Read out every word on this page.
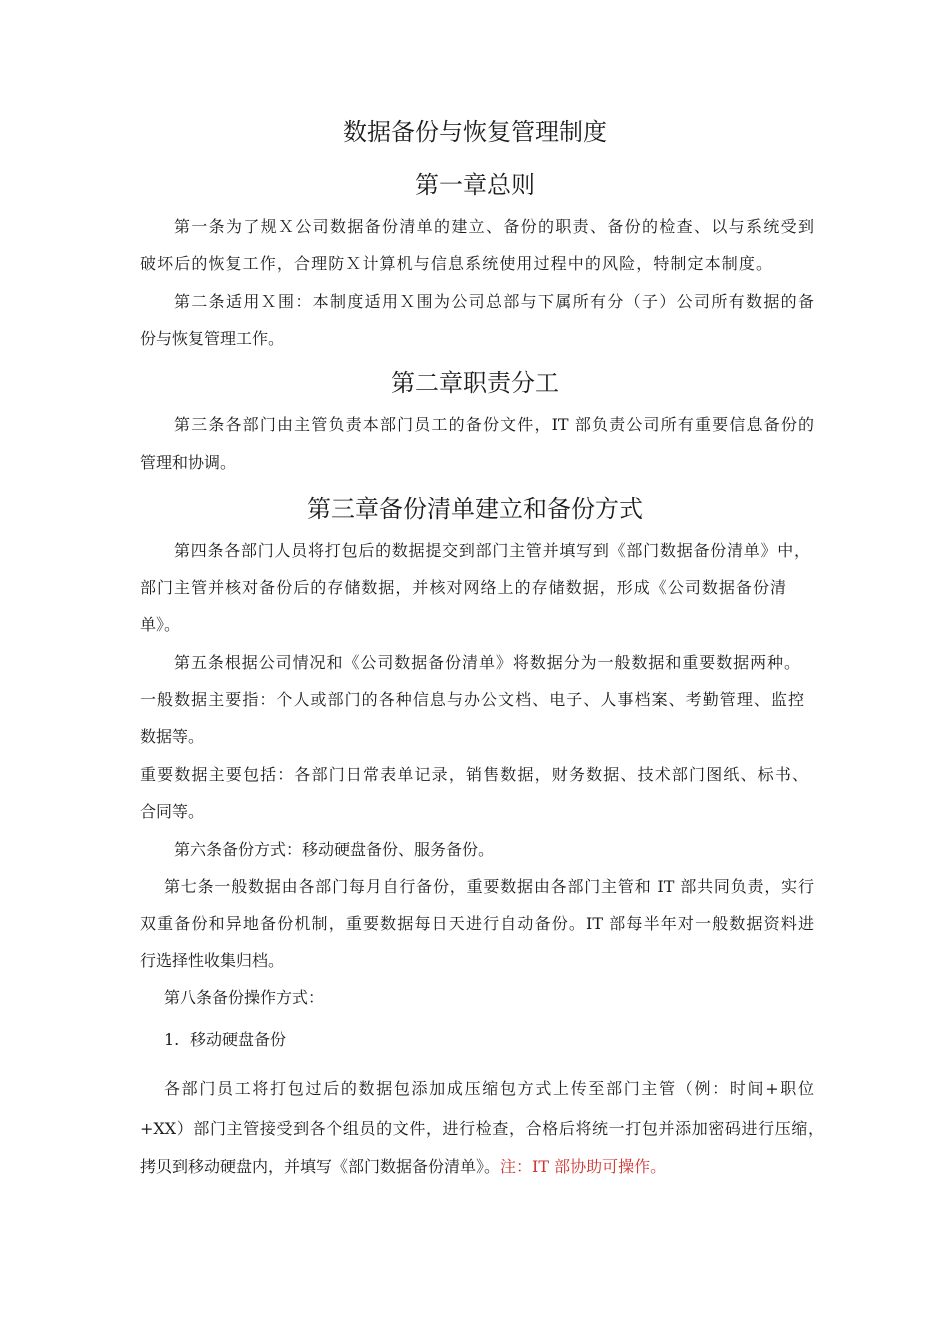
数据备份与恢复管理制度
第一章总则
第一条为了规Ｘ公司数据备份清单的建立、备份的职责、备份的检查、以与系统受到
破坏后的恢复工作，合理防Ｘ计算机与信息系统使用过程中的风险，特制定本制度。
第二条适用Ｘ围：本制度适用Ｘ围为公司总部与下属所有分（子）公司所有数据的备
份与恢复管理工作。
第二章职责分工
第三条各部门由主管负责本部门员工的备份文件，IT 部负责公司所有重要信息备份的
管理和协调。
第三章备份清单建立和备份方式
第四条各部门人员将打包后的数据提交到部门主管并填写到《部门数据备份清单》中，
部门主管并核对备份后的存储数据，并核对网络上的存储数据，形成《公司数据备份清
单》。
第五条根据公司情况和《公司数据备份清单》将数据分为一般数据和重要数据两种。
一般数据主要指：个人或部门的各种信息与办公文档、电子、人事档案、考勤管理、监控
数据等。
重要数据主要包括：各部门日常表单记录，销售数据，财务数据、技术部门图纸、标书、
合同等。
第六条备份方式：移动硬盘备份、服务备份。
第七条一般数据由各部门每月自行备份，重要数据由各部门主管和 IT 部共同负责，实行
双重备份和异地备份机制，重要数据每日天进行自动备份。IT 部每半年对一般数据资料进
行选择性收集归档。
第八条备份操作方式：
1. 移动硬盘备份
各部门员工将打包过后的数据包添加成压缩包方式上传至部门主管（例：时间+职位
+XX）部门主管接受到各个组员的文件，进行检查，合格后将统一打包并添加密码进行压缩，
拷贝到移动硬盘内，并填写《部门数据备份清单》。注：IT 部协助可操作。
